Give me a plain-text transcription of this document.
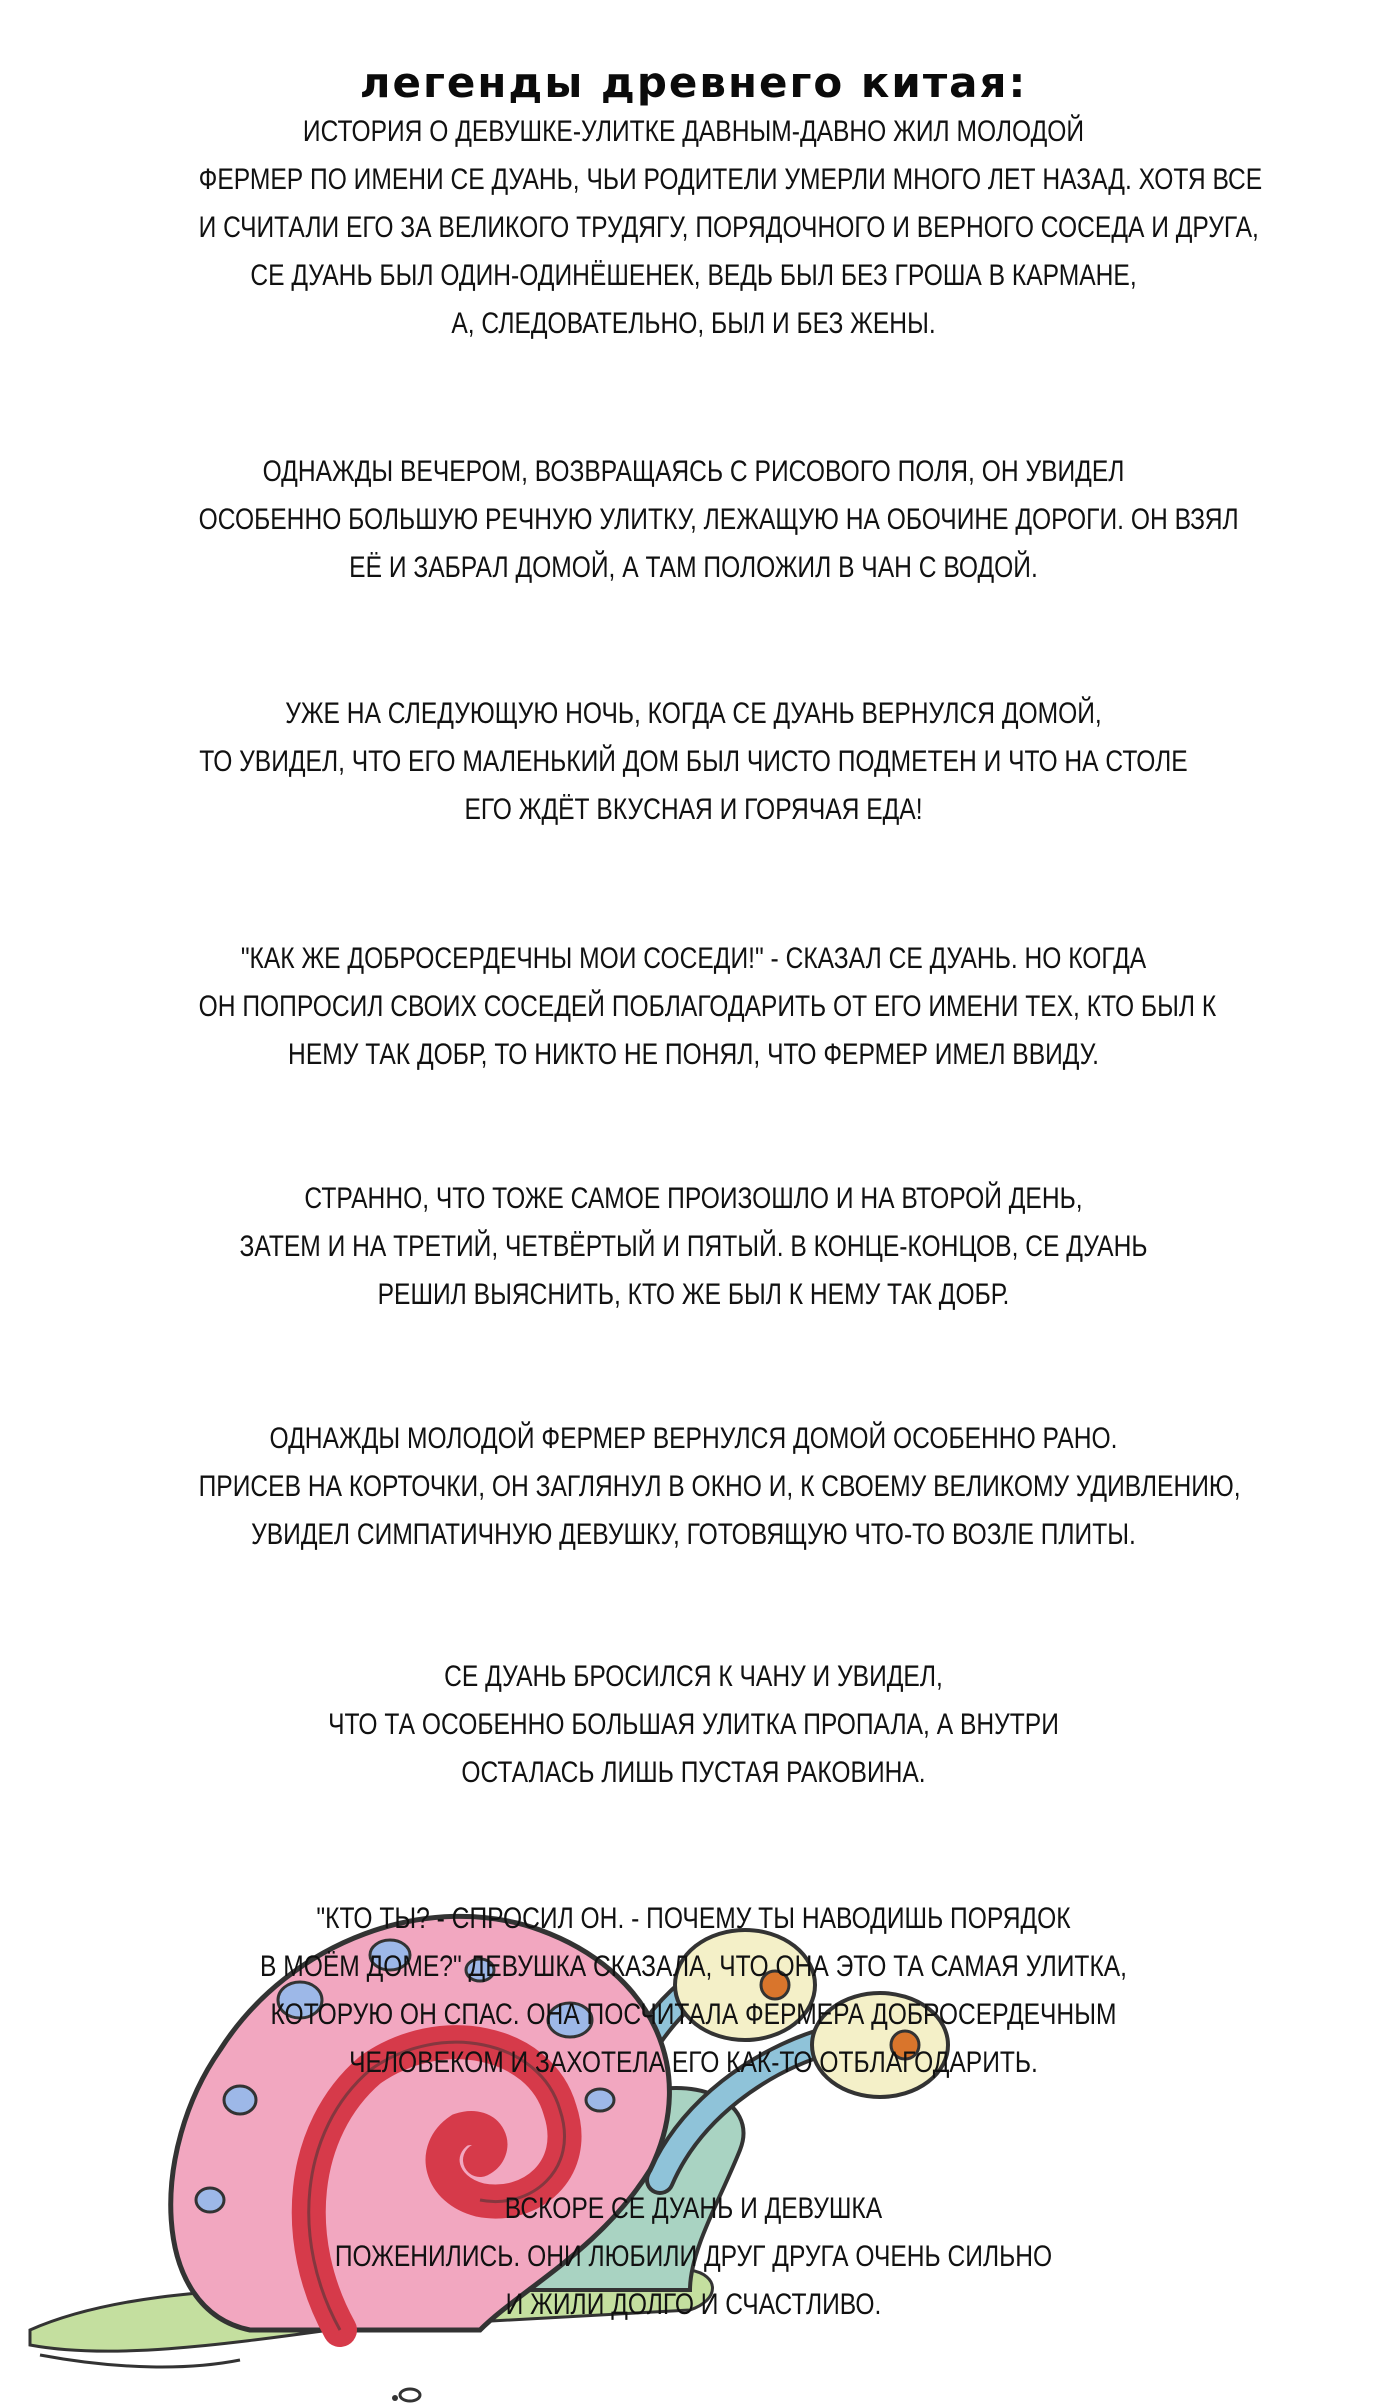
легенды древнего китая:
ИСТОРИЯ О ДЕВУШКЕ-УЛИТКЕ ДАВНЫМ-ДАВНО ЖИЛ МОЛОДОЙ
ФЕРМЕР ПО ИМЕНИ СЕ ДУАНЬ, ЧЬИ РОДИТЕЛИ УМЕРЛИ МНОГО ЛЕТ НАЗАД. ХОТЯ ВСЕ
И СЧИТАЛИ ЕГО ЗА ВЕЛИКОГО ТРУДЯГУ, ПОРЯДОЧНОГО И ВЕРНОГО СОСЕДА И ДРУГА,
СЕ ДУАНЬ БЫЛ ОДИН-ОДИНЁШЕНЕК, ВЕДЬ БЫЛ БЕЗ ГРОША В КАРМАНЕ,
А, СЛЕДОВАТЕЛЬНО, БЫЛ И БЕЗ ЖЕНЫ.
ОДНАЖДЫ ВЕЧЕРОМ, ВОЗВРАЩАЯСЬ С РИСОВОГО ПОЛЯ, ОН УВИДЕЛ
ОСОБЕННО БОЛЬШУЮ РЕЧНУЮ УЛИТКУ, ЛЕЖАЩУЮ НА ОБОЧИНЕ ДОРОГИ. ОН ВЗЯЛ
ЕЁ И ЗАБРАЛ ДОМОЙ, А ТАМ ПОЛОЖИЛ В ЧАН С ВОДОЙ.
УЖЕ НА СЛЕДУЮЩУЮ НОЧЬ, КОГДА СЕ ДУАНЬ ВЕРНУЛСЯ ДОМОЙ,
ТО УВИДЕЛ, ЧТО ЕГО МАЛЕНЬКИЙ ДОМ БЫЛ ЧИСТО ПОДМЕТЕН И ЧТО НА СТОЛЕ
ЕГО ЖДЁТ ВКУСНАЯ И ГОРЯЧАЯ ЕДА!
"КАК ЖЕ ДОБРОСЕРДЕЧНЫ МОИ СОСЕДИ!" - СКАЗАЛ СЕ ДУАНЬ. НО КОГДА
ОН ПОПРОСИЛ СВОИХ СОСЕДЕЙ ПОБЛАГОДАРИТЬ ОТ ЕГО ИМЕНИ ТЕХ, КТО БЫЛ К
НЕМУ ТАК ДОБР, ТО НИКТО НЕ ПОНЯЛ, ЧТО ФЕРМЕР ИМЕЛ ВВИДУ.
СТРАННО, ЧТО ТОЖЕ САМОЕ ПРОИЗОШЛО И НА ВТОРОЙ ДЕНЬ,
ЗАТЕМ И НА ТРЕТИЙ, ЧЕТВЁРТЫЙ И ПЯТЫЙ. В КОНЦЕ-КОНЦОВ, СЕ ДУАНЬ
РЕШИЛ ВЫЯСНИТЬ, КТО ЖЕ БЫЛ К НЕМУ ТАК ДОБР.
ОДНАЖДЫ МОЛОДОЙ ФЕРМЕР ВЕРНУЛСЯ ДОМОЙ ОСОБЕННО РАНО.
ПРИСЕВ НА КОРТОЧКИ, ОН ЗАГЛЯНУЛ В ОКНО И, К СВОЕМУ ВЕЛИКОМУ УДИВЛЕНИЮ,
УВИДЕЛ СИМПАТИЧНУЮ ДЕВУШКУ, ГОТОВЯЩУЮ ЧТО-ТО ВОЗЛЕ ПЛИТЫ.
СЕ ДУАНЬ БРОСИЛСЯ К ЧАНУ И УВИДЕЛ,
ЧТО ТА ОСОБЕННО БОЛЬШАЯ УЛИТКА ПРОПАЛА, А ВНУТРИ
ОСТАЛАСЬ ЛИШЬ ПУСТАЯ РАКОВИНА.
"КТО ТЫ? - СПРОСИЛ ОН. - ПОЧЕМУ ТЫ НАВОДИШЬ ПОРЯДОК
В МОЁМ ДОМЕ?" ДЕВУШКА СКАЗАЛА, ЧТО ОНА ЭТО ТА САМАЯ УЛИТКА,
КОТОРУЮ ОН СПАС. ОНА ПОСЧИТАЛА ФЕРМЕРА ДОБРОСЕРДЕЧНЫМ
ЧЕЛОВЕКОМ И ЗАХОТЕЛА ЕГО КАК-ТО ОТБЛАГОДАРИТЬ.
ВСКОРЕ СЕ ДУАНЬ И ДЕВУШКА
ПОЖЕНИЛИСЬ. ОНИ ЛЮБИЛИ ДРУГ ДРУГА ОЧЕНЬ СИЛЬНО
И ЖИЛИ ДОЛГО И СЧАСТЛИВО.
